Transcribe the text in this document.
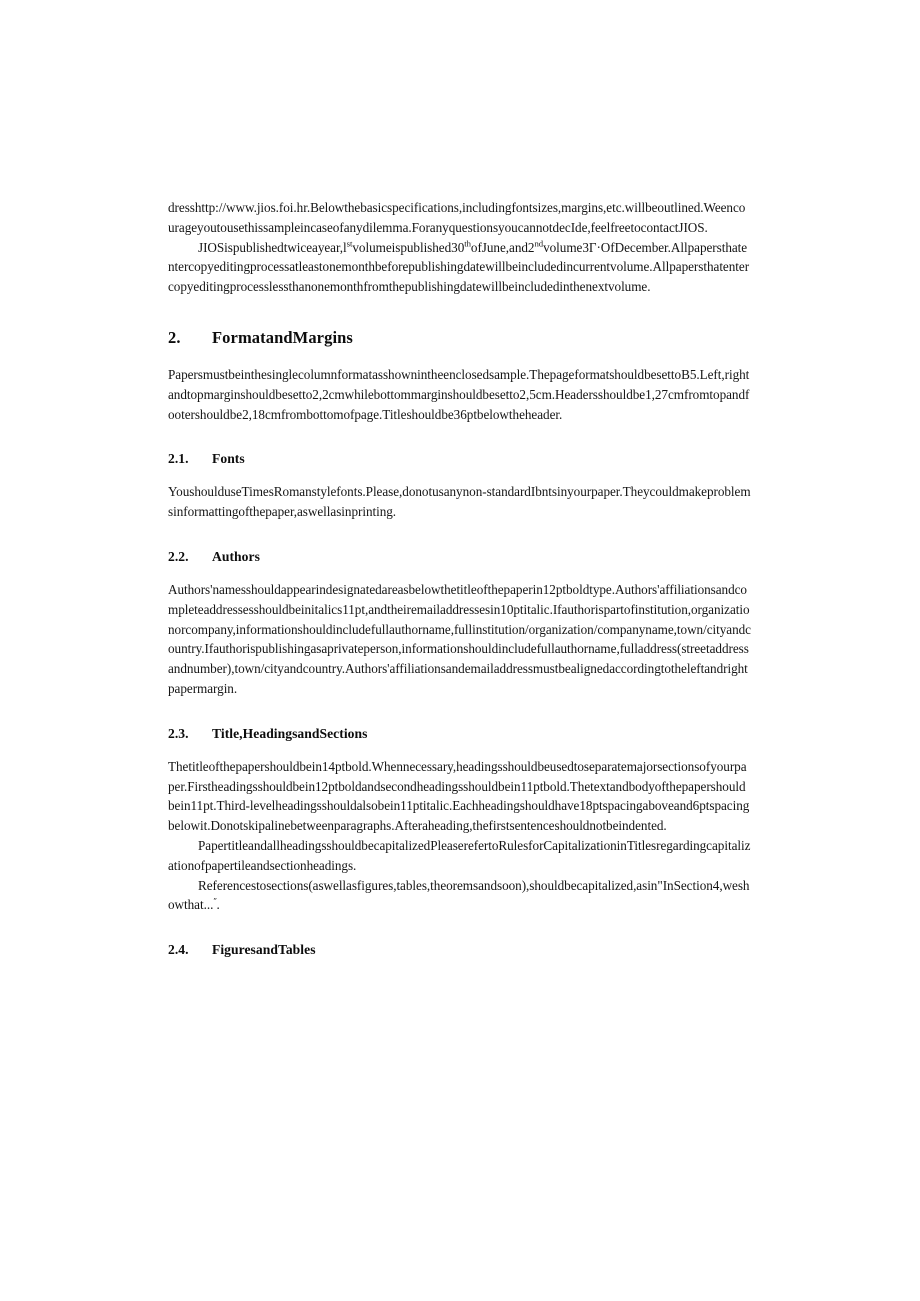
dresshttp://www.jios.foi.hr.Belowthebasicspecifications,includingfontsizes,margins,etc.willbeoutlined.Weencourageyoutousethissampleincaseofanydilemma.ForanyquestionsyoucannotdecIde,feelfreetocontactJIOS.

$JIOSispublishedtwiceayear,l^{st}volumeispublished30thofJune,and2ndvolume3\Gamma\cdot OfDecember.Allpapersthatentercopyeditingprocessatle$astonemonthbeforepublishingdatewillbeincludedincurrentvolume.Allpapersthatentercopyeditingprocesslessthanonemonthfromthepublishingdatewillbeincludedinthenextvolume.

2. FormatandMargins

Papersmustbeinthesinglecolumnformatasshownintheenclosedsample.ThepageformatshouldbesettoB5.Left,rightandtopmarginshouldbesetto2,2cmwhilebottommarginshouldbesetto2,5cm.Headersshouldbe1,27cmfromtopandfootershouldbe2,18cmfrombottomofpage.Titleshouldbe36ptbelowtheheader.

2.1. Fonts

YoushoulduseTimesRomanstylefonts.Please,donotusanynon-standardIbntsinyourpaper.Theycouldmakeproblemsinformattingofthepaper,aswellasinprinting.

2.2. Authors

Authors'namesshouldappearindesignatedareasbelowthetitleofthepaperin12ptboldtype.Authors'affiliationsandcompleteaddressesshouldbeinitalics11pt,andtheiremailaddressesin10ptitalic.Ifauthorispartofinstitution,organizationorcompany,informationshouldincludefullauthorname,fullinstitution/organization/companyname,town/cityandcountry.Ifauthorispublishingasaprivateperson,informationshouldincludefullauthorname,fulladdress(streetaddressandnumber),town/cityandcountry.Authors'affiliationsandemailaddressmustbealignedaccordingtotheleftandrightpapermargin.

2.3. Title,HeadingsandSections

Thetitleofthepapershouldbein14ptbold.Whennecessary,headingsshouldbeusedtoseparatemajorsectionsofyourpaper.Firstheadingsshouldbein12ptboldandsecondheadingsshouldbein11ptbold.Thetextandbodyofthepapershouldbein11pt.Third-levelheadingsshouldalsobein11ptitalic.Eachheadingshouldhave18ptspacingaboveand6ptspacingbelowit.Donotskipalinebetweenparagraphs.Afteraheading,thefirstsentenceshouldnotbeindented.

PapertitleandallheadingsshouldbecapitalizedPleaserefertoRulesforCapitalizationinTitlesregardingcapitalizationofpapertileandsectionheadings.

Referencestosections(aswellasfigures,tables,theoremsandsoon),shouldbecapitalized,asin"InSection4,weshowthat...$^ʺ$.

2.4. FiguresandTables
